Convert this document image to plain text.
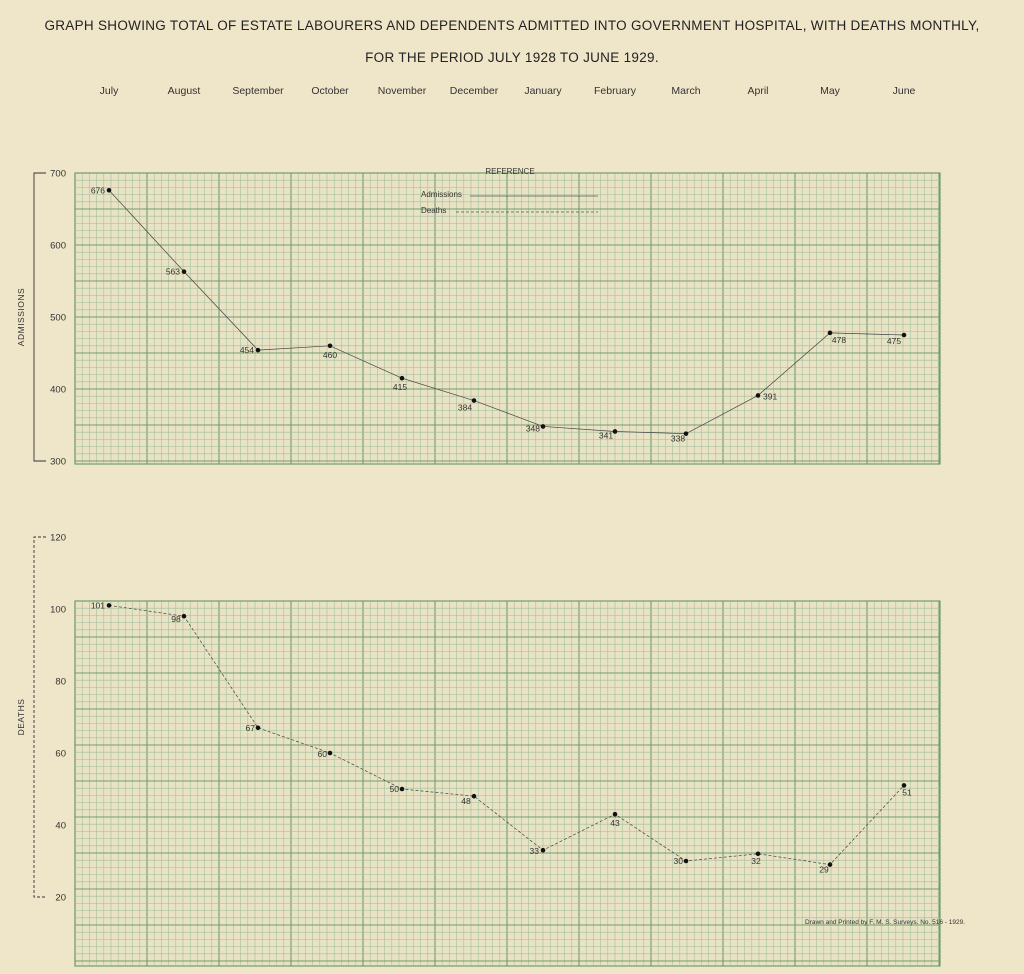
GRAPH SHOWING TOTAL OF ESTATE LABOURERS AND DEPENDENTS ADMITTED INTO GOVERNMENT HOSPITAL, WITH DEATHS MONTHLY,
FOR THE PERIOD JULY 1928 TO JUNE 1929.
July	August	September	October	November December January	February	March	April	May	June
300
400
500
600
700
ADMISSIONS
676
563
454	460
415
384
348
341	338
391
478	475
20
40
60
80
100
120
DEATHS
101
98
67
60
50
48
33
43
30	32
29
51
REFERENCE
Admissions
Deaths
Drawn and Printed by F. M. S. Surveys. No. 516 - 1929.
